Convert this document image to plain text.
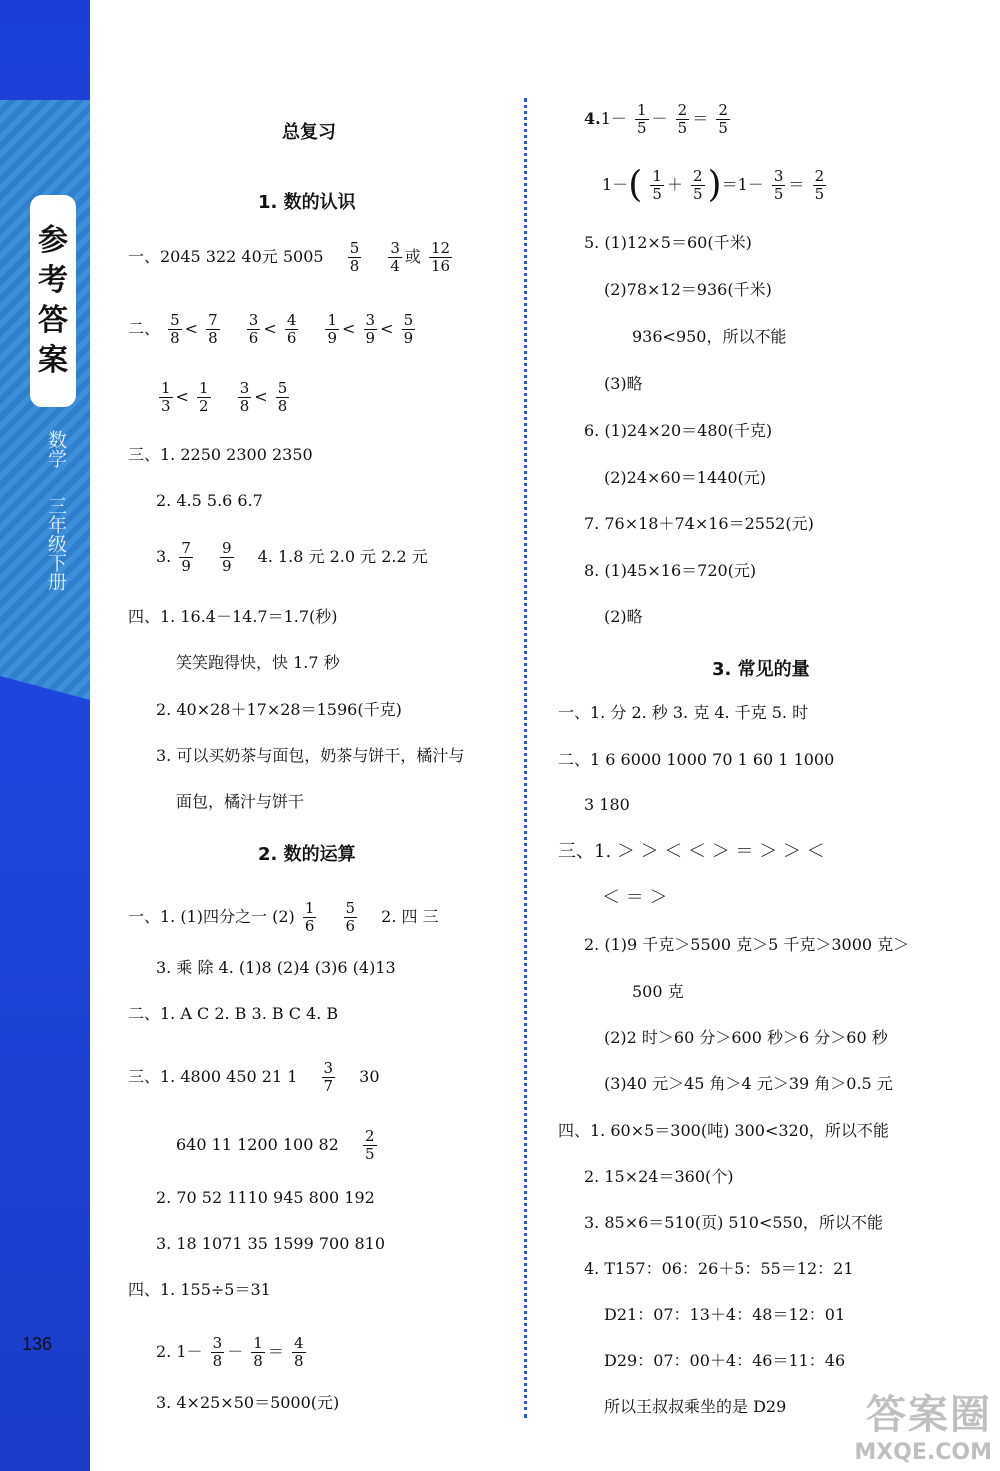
参
考
答
案
数学
三年级下册
136
总复习
1. 数的认识
一、2045 322 40元 $5005 \frac{5}{8}$
$\frac{3}{4}$ 或 $\frac{12}{16}$
二、 $\frac{5}{8} < \frac{7}{8}$
$\frac{3}{6} < \frac{4}{6}$
$\frac{1}{9} < \frac{3}{9} < \frac{5}{9}$
$\frac{1}{3} < \frac{1}{2}$
$\frac{3}{8} < \frac{5}{8}$
三、1. 2250 2300 2350
2. 4.5 5.6 6.7
3. $\frac{7}{9}$
$\frac{9}{9} 4$. 1.8 元 2.0 元 2.2 元
四、1. 16.4－14.7＝1.7(秒)
笑笑跑得快，快 1.7 秒
2. 40×28＋17×28＝1596(千克)
3. 可以买奶茶与面包，奶茶与饼干，橘汁与
面包，橘汁与饼干
2. 数的运算
一、1. (1)四分之一 $(2) \frac{1}{6}$
$\frac{5}{6} 2$. 四 三
3. 乘 除 4. (1)8 (2)4 (3)6 (4)13
二、1. A C 2. B 3. B C 4. B
三、1. 4800 450 21 $1 \frac{3}{7} 30$
640 11 1200 100 $82 \frac{2}{5}$
2. 70 52 1110 945 800 192
3. 18 1071 35 1599 700 810
四、1. 155÷5＝31
2. $1- \frac{3}{8} - \frac{1}{8} = \frac{4}{8}$
3. 4×25×50＝5000(元)
$4.1- \frac{1}{5} - \frac{2}{5} = \frac{2}{5}$
$1-( \frac{1}{5} + \frac{2}{5} )=1- \frac{3}{5} = \frac{2}{5}$
5. (1)12×5＝60(千米)
(2)78×12＝936(千米)
936<950，所以不能
(3)略
6. (1)24×20＝480(千克)
(2)24×60＝1440(元)
7. 76×18＋74×16＝2552(元)
8. (1)45×16＝720(元)
(2)略
3. 常见的量
一、1. 分 2. 秒 3. 克 4. 千克 5. 时
二、1 6 6000 1000 70 1 60 1 1000
3 180
三、1. ＞ ＞ ＜ ＜ ＞ ＝ ＞ ＞ ＜
＜ ＝ ＞
2. (1)9 千克＞5500 克＞5 千克＞3000 克＞
500 克
(2)2 时＞60 分＞600 秒＞6 分＞60 秒
(3)40 元＞45 角＞4 元＞39 角＞0.5 元
四、1. 60×5＝300(吨) 300<320，所以不能
2. 15×24＝360(个)
3. 85×6＝510(页) 510<550，所以不能
4. T157：06：26＋5：55＝12：21
D21：07：13＋4：48＝12：01
D29：07：00＋4：46＝11：46
所以王叔叔乘坐的是 D29	答案圈
MXQE.COM
